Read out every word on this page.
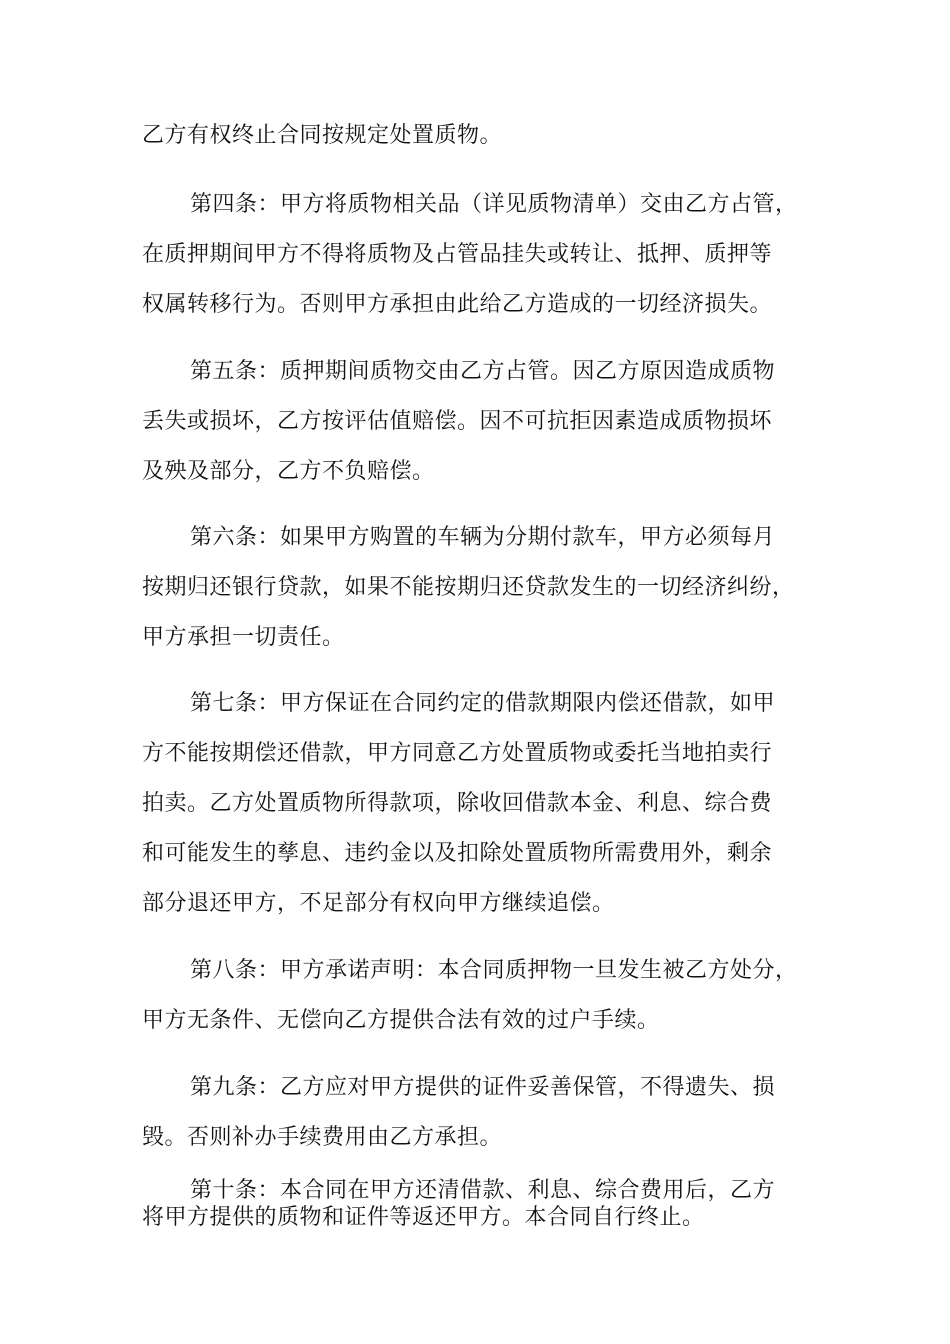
乙方有权终止合同按规定处置质物。
第四条：甲方将质物相关品（详见质物清单）交由乙方占管，
在质押期间甲方不得将质物及占管品挂失或转让、抵押、质押等
权属转移行为。否则甲方承担由此给乙方造成的一切经济损失。
第五条：质押期间质物交由乙方占管。因乙方原因造成质物
丢失或损坏，乙方按评估值赔偿。因不可抗拒因素造成质物损坏
及殃及部分，乙方不负赔偿。
第六条：如果甲方购置的车辆为分期付款车，甲方必须每月
按期归还银行贷款，如果不能按期归还贷款发生的一切经济纠纷，
甲方承担一切责任。
第七条：甲方保证在合同约定的借款期限内偿还借款，如甲
方不能按期偿还借款，甲方同意乙方处置质物或委托当地拍卖行
拍卖。乙方处置质物所得款项，除收回借款本金、利息、综合费
和可能发生的孳息、违约金以及扣除处置质物所需费用外，剩余
部分退还甲方，不足部分有权向甲方继续追偿。
第八条：甲方承诺声明：本合同质押物一旦发生被乙方处分，
甲方无条件、无偿向乙方提供合法有效的过户手续。
第九条：乙方应对甲方提供的证件妥善保管，不得遗失、损
毁。否则补办手续费用由乙方承担。
第十条：本合同在甲方还清借款、利息、综合费用后，乙方
将甲方提供的质物和证件等返还甲方。本合同自行终止。
